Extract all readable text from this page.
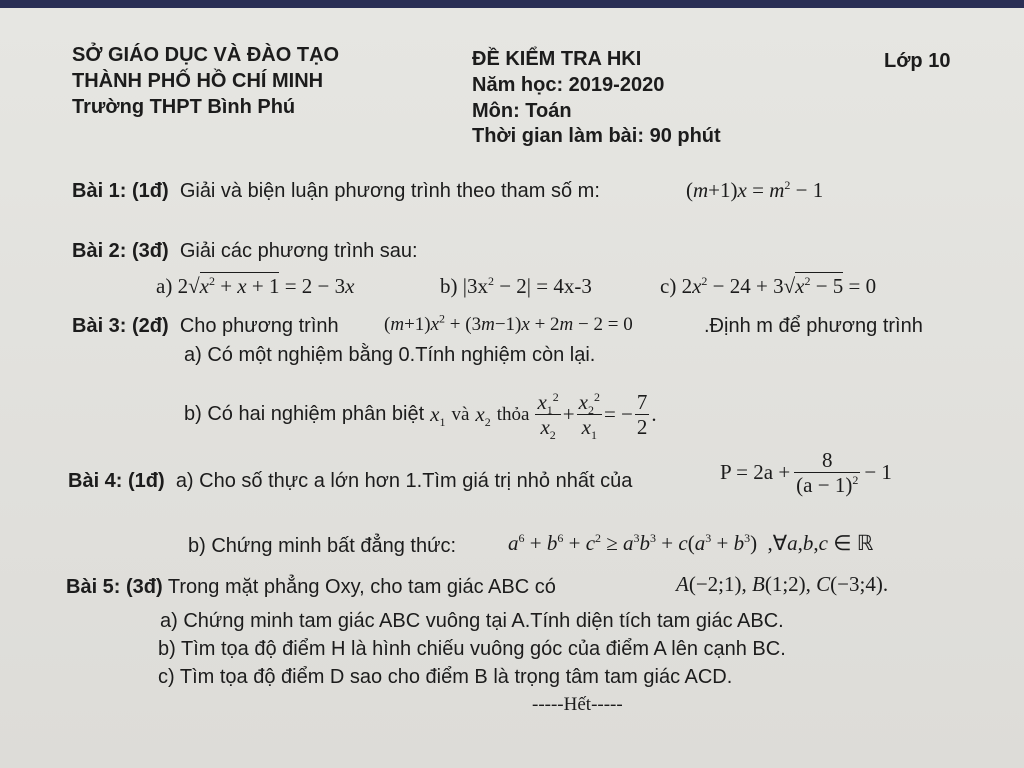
SỞ GIÁO DỤC VÀ ĐÀO TẠO
THÀNH PHỐ HỒ CHÍ MINH
Trường THPT Bình Phú
ĐỀ KIỂM TRA HKI
Năm học: 2019-2020
Môn: Toán
Thời gian làm bài: 90 phút
Lớp 10
Bài 1: (1đ) Giải và biện luận phương trình theo tham số m:	$(m+1)x = m^2 - 1$
Bài 2: (3đ) Giải các phương trình sau:
a) $2√x^2 + x + 1 = 2 - 3x$	b) $|3x^2 - 2| = 4x-3$	c) $2x^2 - 24 + 3√x^2 - 5 = 0$
Bài 3: (2đ) Cho phương trình $(m+1)x^2 + (3m-1)x + 2m - 2 = 0$	.Định m để phương trình
a) Có một nghiệm bằng 0.Tính nghiệm còn lại.
b) Có hai nghiệm phân biệt $x_1$ và $x_2$ thỏa $\frac{x_1^2}{x_2} + \frac{x_2^2}{x_1}$ = − $\frac{7}{2}$ .
Bài 4: (1đ) a) Cho số thực a lớn hơn 1.Tìm giá trị nhỏ nhất của	$P = 2a + \frac{8}{(a - 1)^2} - 1$
b) Chứng minh bất đẳng thức: $a^6 + b^6 + c^2 \ge a^3b^3 + c(a^3 + b^3)$  ,∀a,b,c ∈ ℝ
Bài 5: (3đ) Trong mặt phẳng Oxy, cho tam giác ABC có	A(−2;1), B(1;2), C(−3;4).
a) Chứng minh tam giác ABC vuông tại A.Tính diện tích tam giác ABC.
b) Tìm tọa độ điểm H là hình chiếu vuông góc của điểm A lên cạnh BC.
c) Tìm tọa độ điểm D sao cho điểm B là trọng tâm tam giác ACD.
-----Hết-----
